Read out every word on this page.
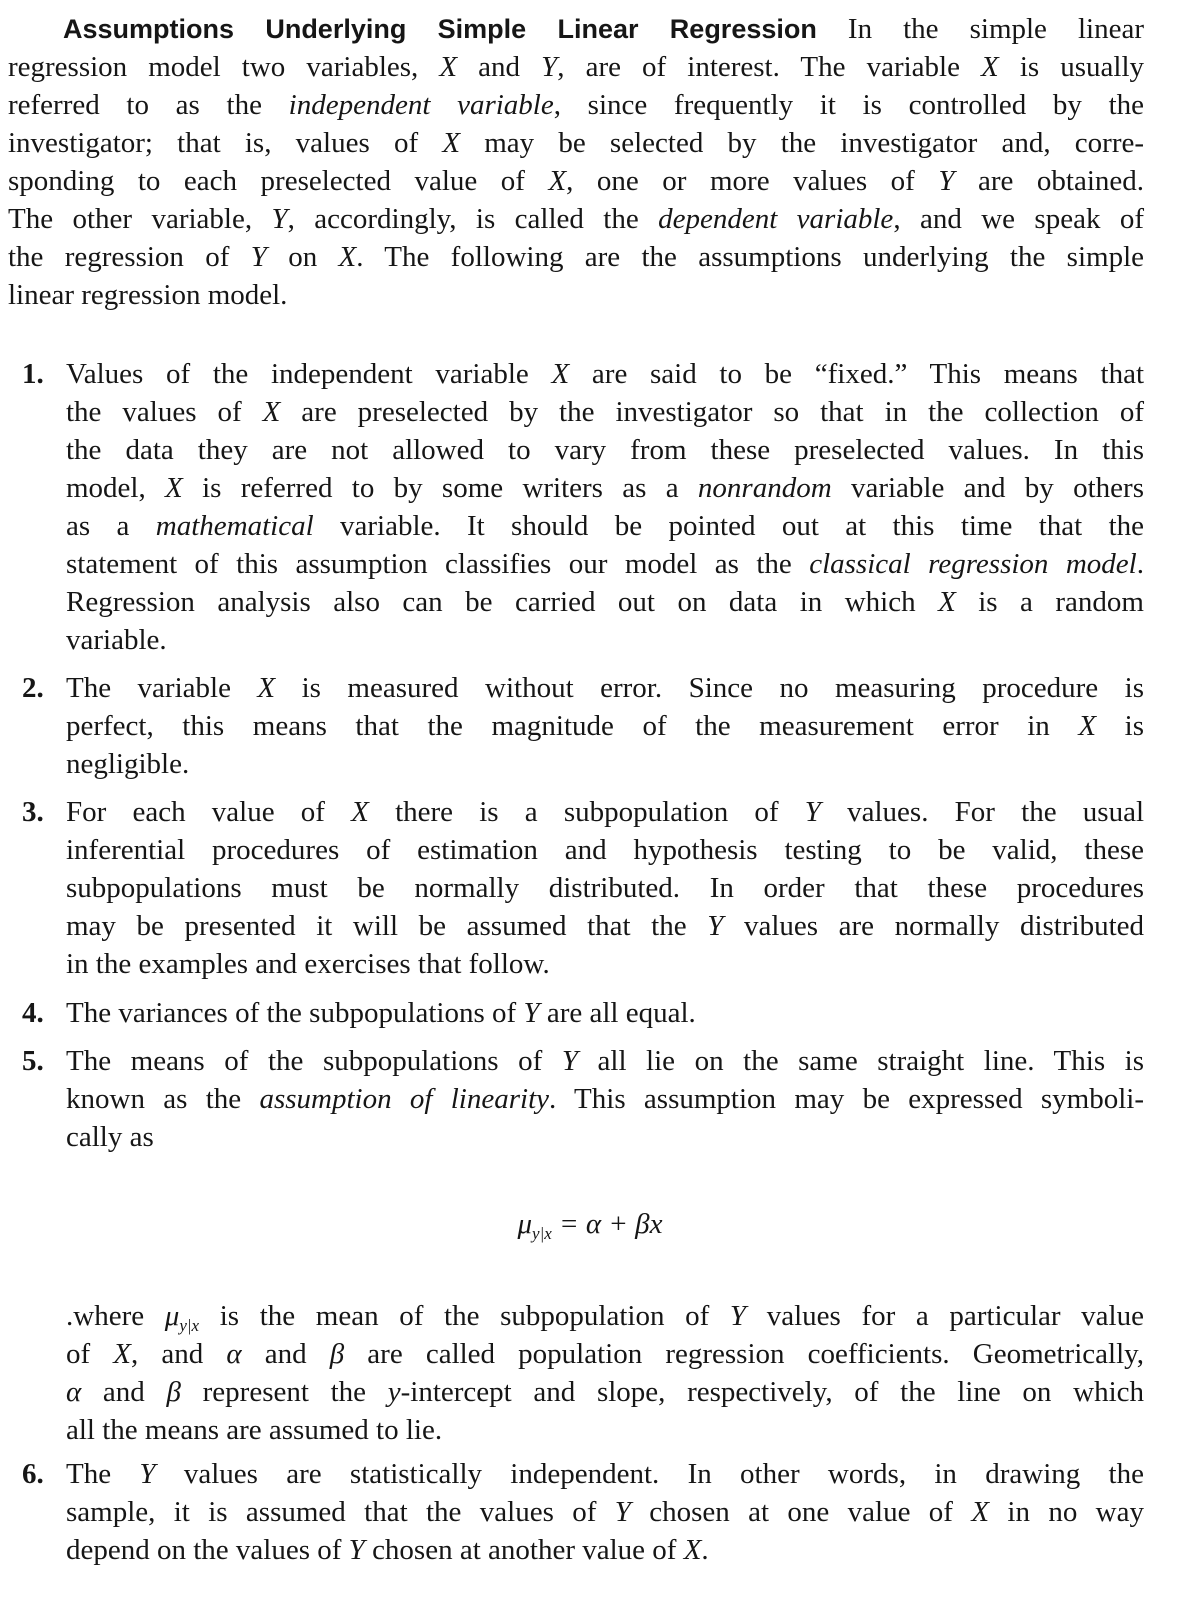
Assumptions Underlying Simple Linear Regression In the simple linear
regression model two variables, X and Y, are of interest. The variable X is usually
referred to as the independent variable, since frequently it is controlled by the
investigator; that is, values of X may be selected by the investigator and, corre-
sponding to each preselected value of X, one or more values of Y are obtained.
The other variable, Y, accordingly, is called the dependent variable, and we speak of
the regression of Y on X. The following are the assumptions underlying the simple
linear regression model.
1. Values of the independent variable X are said to be “fixed.” This means that
the values of X are preselected by the investigator so that in the collection of
the data they are not allowed to vary from these preselected values. In this
model, X is referred to by some writers as a nonrandom variable and by others
as a mathematical variable. It should be pointed out at this time that the
statement of this assumption classifies our model as the classical regression model.
Regression analysis also can be carried out on data in which X is a random
variable.
2. The variable X is measured without error. Since no measuring procedure is
perfect, this means that the magnitude of the measurement error in X is
negligible.
3. For each value of X there is a subpopulation of Y values. For the usual
inferential procedures of estimation and hypothesis testing to be valid, these
subpopulations must be normally distributed. In order that these procedures
may be presented it will be assumed that the Y values are normally distributed
in the examples and exercises that follow.
4. The variances of the subpopulations of Y are all equal.
5. The means of the subpopulations of Y all lie on the same straight line. This is
known as the assumption of linearity. This assumption may be expressed symboli-
cally as
$\mu_{y|x} = \alpha + \beta x$
.where $\mu_{y|x}$ is the mean of the subpopulation of Y values for a particular value
of X, and α and β are called population regression coefficients. Geometrically,
α and β represent the y-intercept and slope, respectively, of the line on which
all the means are assumed to lie.
6. The Y values are statistically independent. In other words, in drawing the
sample, it is assumed that the values of Y chosen at one value of X in no way
depend on the values of Y chosen at another value of X.
